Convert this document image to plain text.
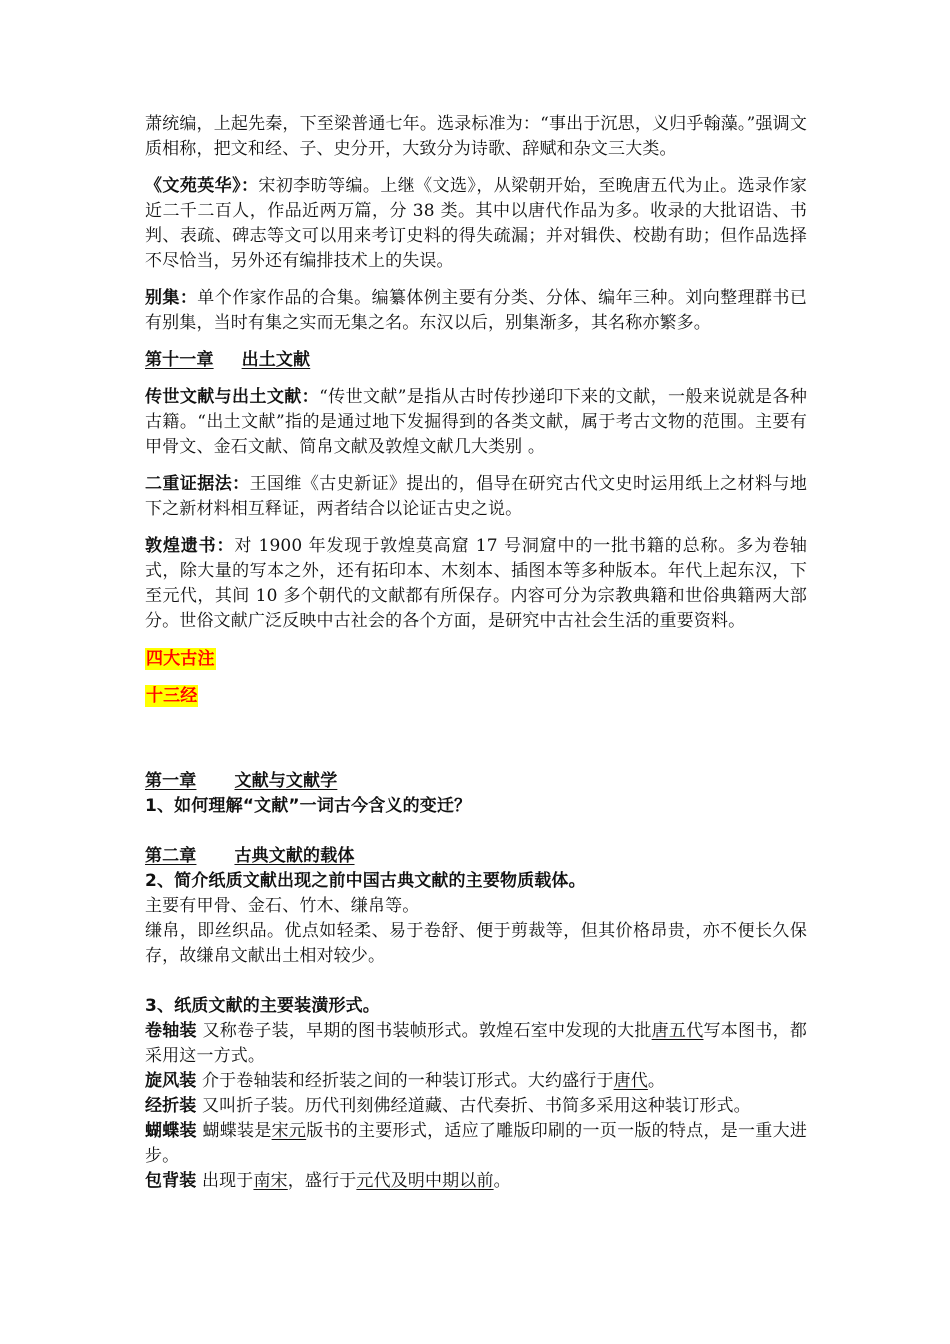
萧统编，上起先秦，下至梁普通七年。选录标准为：“事出于沉思，义归乎翰藻。”强调文质相称，把文和经、子、史分开，大致分为诗歌、辞赋和杂文三大类。

《文苑英华》：宋初李昉等编。上继《文选》，从梁朝开始，至晚唐五代为止。选录作家近二千二百人，作品近两万篇，分 38 类。其中以唐代作品为多。收录的大批诏诰、书判、表疏、碑志等文可以用来考订史料的得失疏漏；并对辑佚、校勘有助；但作品选择不尽恰当，另外还有编排技术上的失误。

别集：单个作家作品的合集。编纂体例主要有分类、分体、编年三种。刘向整理群书已有别集，当时有集之实而无集之名。东汉以后，别集渐多，其名称亦繁多。

第十一章 出土文献

传世文献与出土文献：“传世文献”是指从古时传抄递印下来的文献，一般来说就是各种古籍。“出土文献”指的是通过地下发掘得到的各类文献，属于考古文物的范围。主要有甲骨文、金石文献、简帛文献及敦煌文献几大类别 。

二重证据法：王国维《古史新证》提出的，倡导在研究古代文史时运用纸上之材料与地下之新材料相互释证，两者结合以论证古史之说。

敦煌遗书：对 1900 年发现于敦煌莫高窟 17 号洞窟中的一批书籍的总称。多为卷轴式，除大量的写本之外，还有拓印本、木刻本、插图本等多种版本。年代上起东汉，下至元代，其间 10 多个朝代的文献都有所保存。内容可分为宗教典籍和世俗典籍两大部分。世俗文献广泛反映中古社会的各个方面，是研究中古社会生活的重要资料。

四大古注
十三经
第一章 文献与文献学
1、如何理解“文献”一词古今含义的变迁？
第二章 古典文献的载体
2、简介纸质文献出现之前中国古典文献的主要物质载体。

主要有甲骨、金石、竹木、缣帛等。

缣帛，即丝织品。优点如轻柔、易于卷舒、便于剪裁等，但其价格昂贵，亦不便长久保存，故缣帛文献出土相对较少。

3、纸质文献的主要装潢形式。

卷轴装 又称卷子装，早期的图书装帧形式。敦煌石室中发现的大批唐五代写本图书，都采用这一方式。

旋风装 介于卷轴装和经折装之间的一种装订形式。大约盛行于唐代。

经折装 又叫折子装。历代刊刻佛经道藏、古代奏折、书简多采用这种装订形式。

蝴蝶装 蝴蝶装是宋元版书的主要形式，适应了雕版印刷的一页一版的特点，是一重大进步。

包背装 出现于南宋，盛行于元代及明中期以前。
